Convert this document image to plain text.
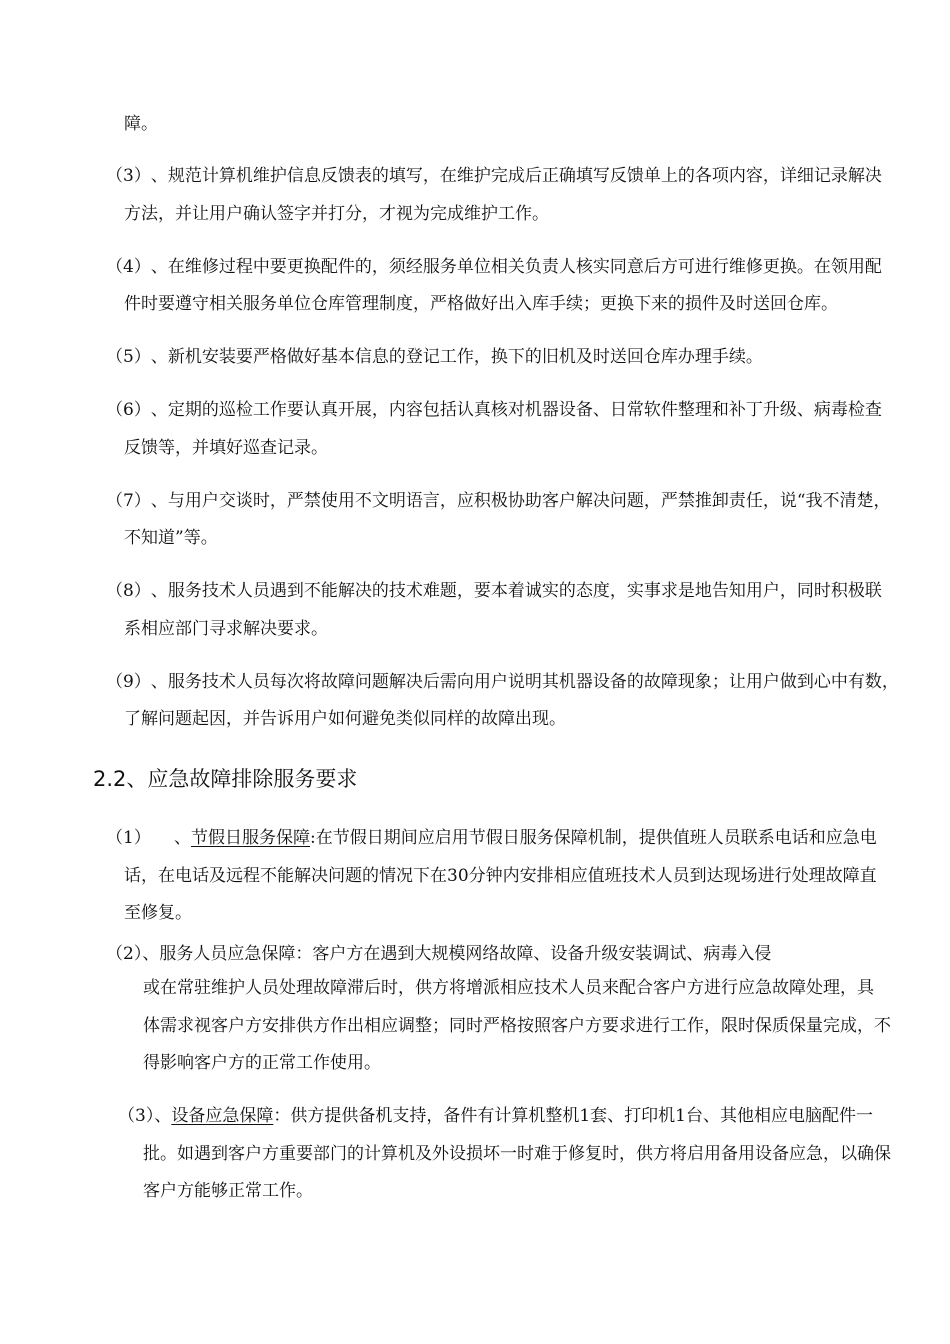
障。
（3）、规范计算机维护信息反馈表的填写，在维护完成后正确填写反馈单上的各项内容，详细记录解决
方法，并让用户确认签字并打分，才视为完成维护工作。
（4）、在维修过程中要更换配件的，须经服务单位相关负责人核实同意后方可进行维修更换。在领用配
件时要遵守相关服务单位仓库管理制度，严格做好出入库手续；更换下来的损件及时送回仓库。
（5）、新机安装要严格做好基本信息的登记工作，换下的旧机及时送回仓库办理手续。
（6）、定期的巡检工作要认真开展，内容包括认真核对机器设备、日常软件整理和补丁升级、病毒检查
反馈等，并填好巡查记录。
（7）、与用户交谈时，严禁使用不文明语言，应积极协助客户解决问题，严禁推卸责任，说“我不清楚，
不知道”等。
（8）、服务技术人员遇到不能解决的技术难题，要本着诚实的态度，实事求是地告知用户，同时积极联
系相应部门寻求解决要求。
（9）、服务技术人员每次将故障问题解决后需向用户说明其机器设备的故障现象；让用户做到心中有数，
了解问题起因，并告诉用户如何避免类似同样的故障出现。
2.2、应急故障排除服务要求
（1） 、节假日服务保障:在节假日期间应启用节假日服务保障机制，提供值班人员联系电话和应急电
话，在电话及远程不能解决问题的情况下在30分钟内安排相应值班技术人员到达现场进行处理故障直
至修复。
（2）、服务人员应急保障：客户方在遇到大规模网络故障、设备升级安装调试、病毒入侵
或在常驻维护人员处理故障滞后时，供方将增派相应技术人员来配合客户方进行应急故障处理，具
体需求视客户方安排供方作出相应调整；同时严格按照客户方要求进行工作，限时保质保量完成，不
得影响客户方的正常工作使用。
（3）、设备应急保障：供方提供备机支持，备件有计算机整机1套、打印机1台、其他相应电脑配件一
批。如遇到客户方重要部门的计算机及外设损坏一时难于修复时，供方将启用备用设备应急，以确保
客户方能够正常工作。
